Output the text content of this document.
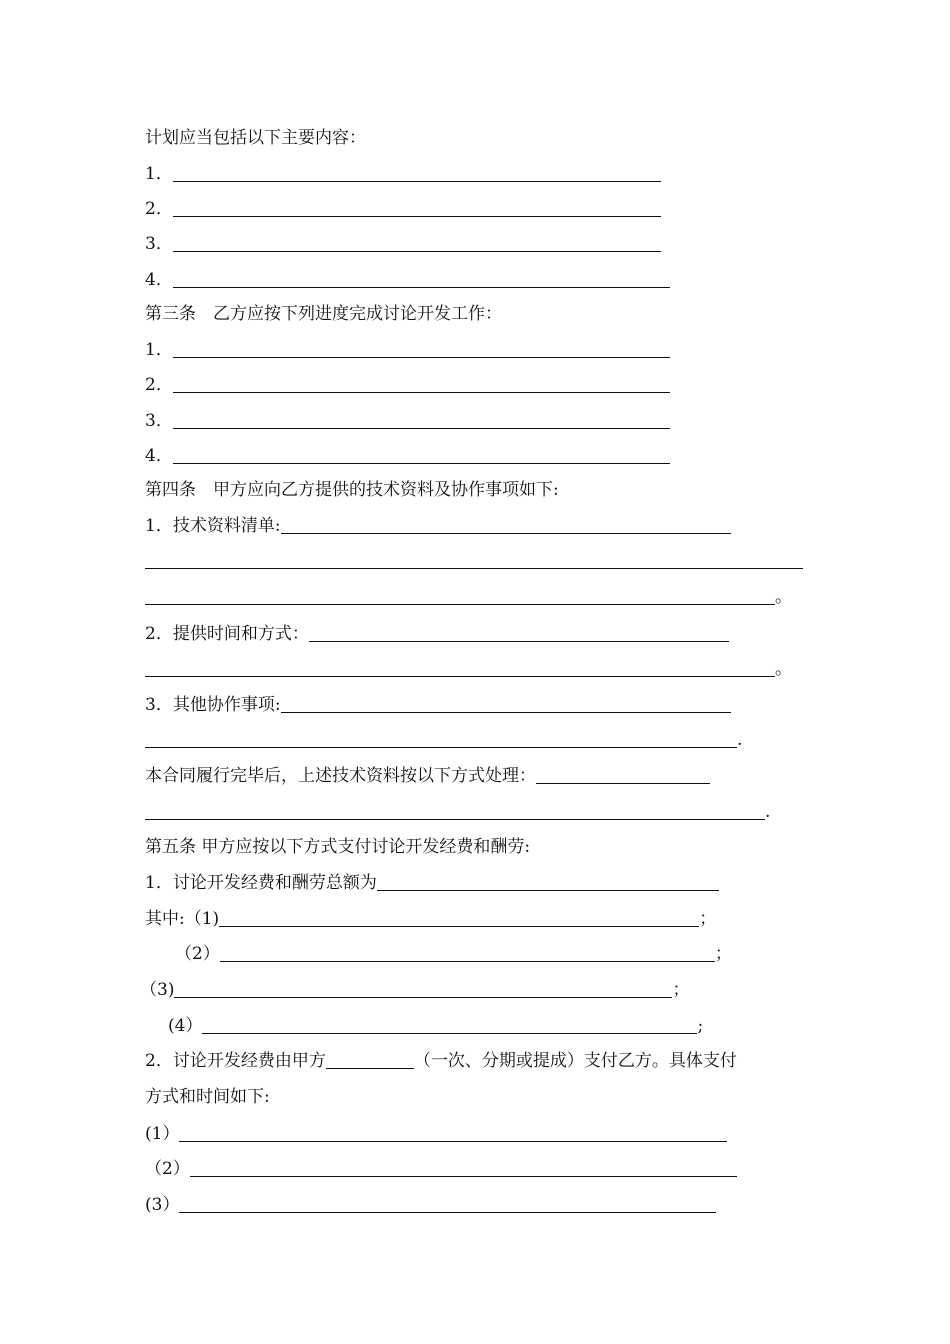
计划应当包括以下主要内容：
1．
2．
3．
4．
第三条　乙方应按下列进度完成讨论开发工作：
1．
2．
3．
4．
第四条　甲方应向乙方提供的技术资料及协作事项如下:
1．技术资料清单:
。
2．提供时间和方式：
。
3．其他协作事项:
.
本合同履行完毕后，上述技术资料按以下方式处理：
.
第五条 甲方应按以下方式支付讨论开发经费和酬劳:
1．讨论开发经费和酬劳总额为
其中:（1)	；
（2）	；
（3)	；
(4）	;
2．讨论开发经费由甲方	（一次、分期或提成）支付乙方。具体支付
方式和时间如下:
(1）
（2）
(3）
